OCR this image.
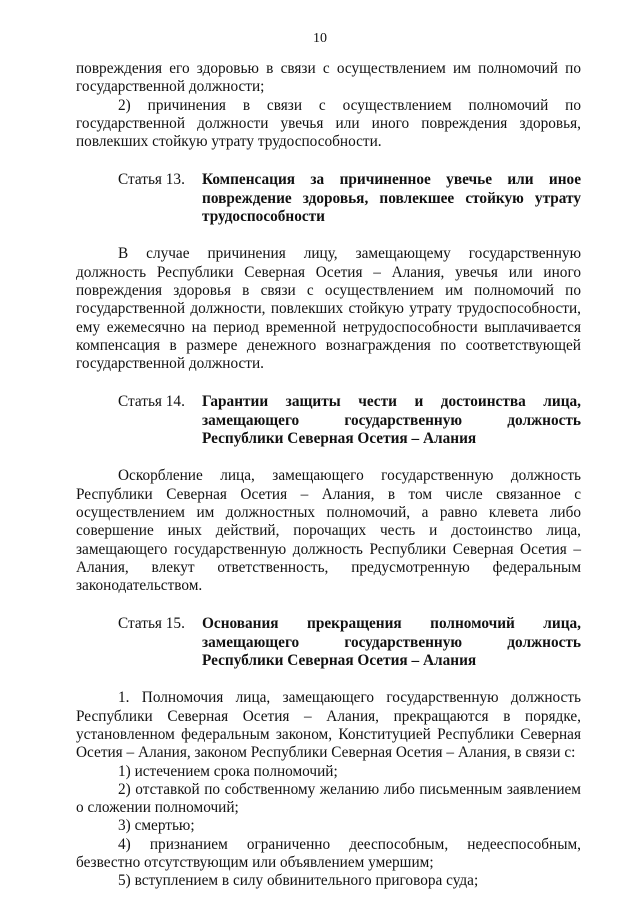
10

повреждения его здоровью в связи с осуществлением им полномочий по государственной должности;

2) причинения в связи с осуществлением полномочий по государственной должности увечья или иного повреждения здоровья, повлекших стойкую утрату трудоспособности.

Статья 13.	Компенсация за причиненное увечье или иное повреждение здоровья, повлекшее стойкую утрату трудоспособности

В случае причинения лицу, замещающему государственную должность Республики Северная Осетия – Алания, увечья или иного повреждения здоровья в связи с осуществлением им полномочий по государственной должности, повлекших стойкую утрату трудоспособности, ему ежемесячно на период временной нетрудоспособности выплачивается компенсация в размере денежного вознаграждения по соответствующей государственной должности.

Статья 14.	Гарантии защиты чести и достоинства лица, замещающего государственную должность Республики Северная Осетия – Алания

Оскорбление лица, замещающего государственную должность Республики Северная Осетия – Алания, в том числе связанное с осуществлением им должностных полномочий, а равно клевета либо совершение иных действий, порочащих честь и достоинство лица, замещающего государственную должность Республики Северная Осетия – Алания, влекут ответственность, предусмотренную федеральным законодательством.

Статья 15.	Основания прекращения полномочий лица, замещающего государственную должность Республики Северная Осетия – Алания

1. Полномочия лица, замещающего государственную должность Республики Северная Осетия – Алания, прекращаются в порядке, установленном федеральным законом, Конституцией Республики Северная Осетия – Алания, законом Республики Северная Осетия – Алания, в связи с:

1) истечением срока полномочий;

2) отставкой по собственному желанию либо письменным заявлением о сложении полномочий;

3) смертью;

4) признанием ограниченно дееспособным, недееспособным, безвестно отсутствующим или объявлением умершим;

5) вступлением в силу обвинительного приговора суда;
